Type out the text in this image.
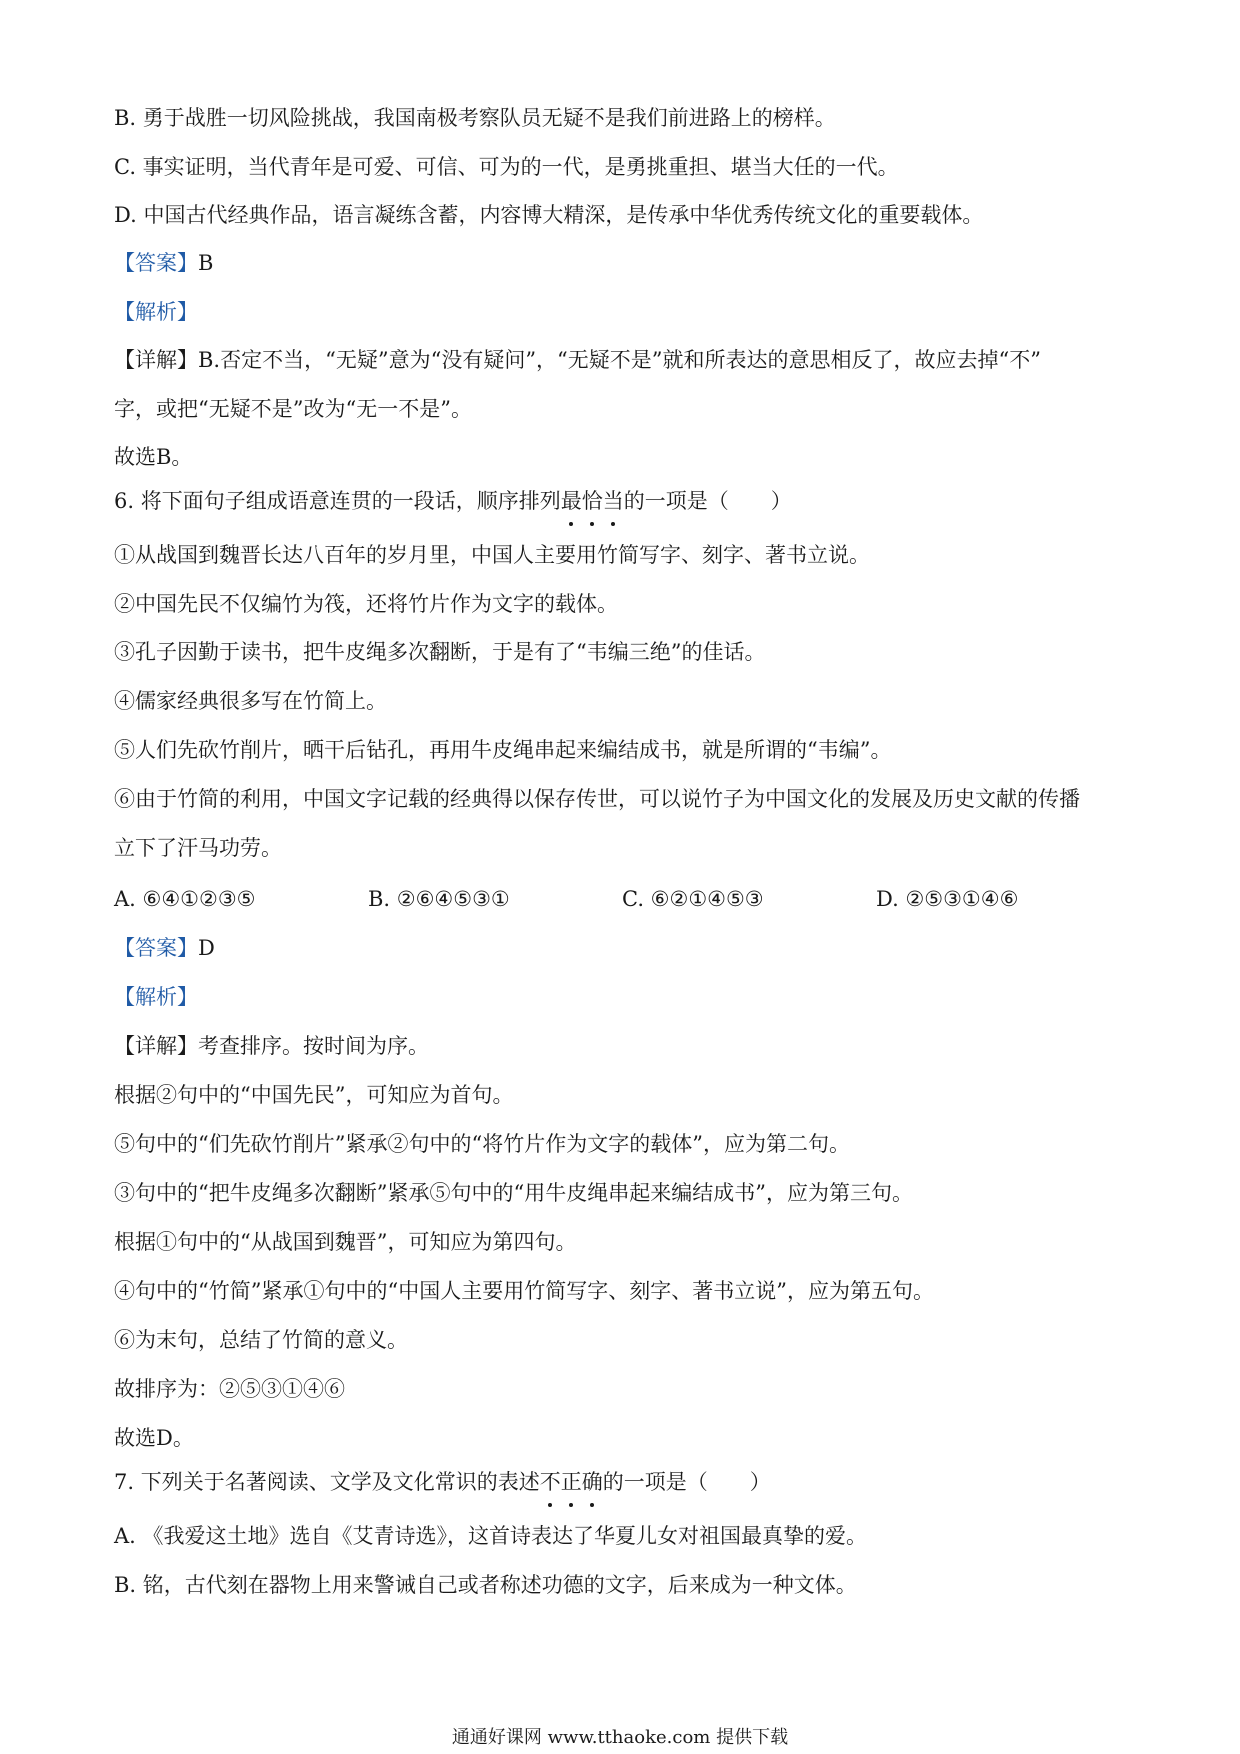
B. 勇于战胜一切风险挑战，我国南极考察队员无疑不是我们前进路上的榜样。
C. 事实证明，当代青年是可爱、可信、可为的一代，是勇挑重担、堪当大任的一代。
D. 中国古代经典作品，语言凝练含蓄，内容博大精深，是传承中华优秀传统文化的重要载体。
【答案】B
【解析】
【详解】B.否定不当，“无疑”意为“没有疑问”，“无疑不是”就和所表达的意思相反了，故应去掉“不”
字，或把“无疑不是”改为“无一不是”。
故选B。
6. 将下面句子组成语意连贯的一段话，顺序排列最恰当的一项是（　　）
①从战国到魏晋长达八百年的岁月里，中国人主要用竹简写字、刻字、著书立说。
②中国先民不仅编竹为筏，还将竹片作为文字的载体。
③孔子因勤于读书，把牛皮绳多次翻断，于是有了“韦编三绝”的佳话。
④儒家经典很多写在竹简上。
⑤人们先砍竹削片，晒干后钻孔，再用牛皮绳串起来编结成书，就是所谓的“韦编”。
⑥由于竹简的利用，中国文字记载的经典得以保存传世，可以说竹子为中国文化的发展及历史文献的传播
立下了汗马功劳。
A. ⑥④①②③⑤	B. ②⑥④⑤③①	C. ⑥②①④⑤③	D. ②⑤③①④⑥
【答案】D
【解析】
【详解】考查排序。按时间为序。
根据②句中的“中国先民”，可知应为首句。
⑤句中的“们先砍竹削片”紧承②句中的“将竹片作为文字的载体”，应为第二句。
③句中的“把牛皮绳多次翻断”紧承⑤句中的“用牛皮绳串起来编结成书”，应为第三句。
根据①句中的“从战国到魏晋”，可知应为第四句。
④句中的“竹简”紧承①句中的“中国人主要用竹简写字、刻字、著书立说”，应为第五句。
⑥为末句，总结了竹简的意义。
故排序为：②⑤③①④⑥
故选D。
7. 下列关于名著阅读、文学及文化常识的表述不正确的一项是（　　）
A. 《我爱这土地》选自《艾青诗选》，这首诗表达了华夏儿女对祖国最真挚的爱。
B. 铭，古代刻在器物上用来警诫自己或者称述功德的文字，后来成为一种文体。
通通好课网 www.tthaoke.com 提供下载
